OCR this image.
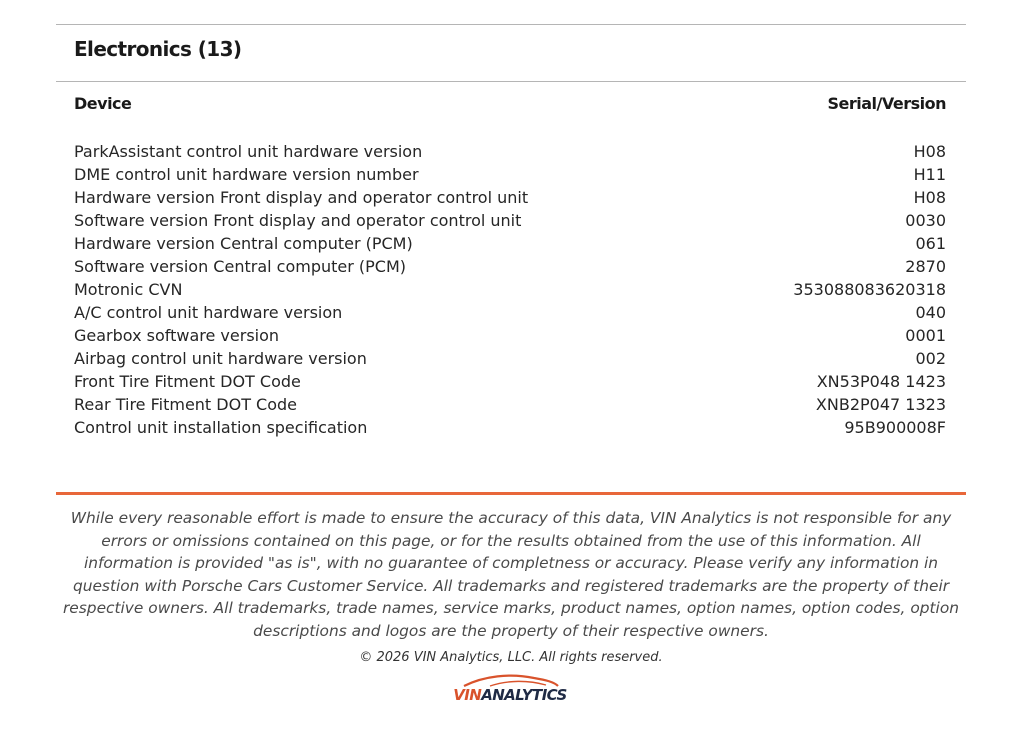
Electronics (13)
Device	Serial/Version
ParkAssistant control unit hardware version	H08
DME control unit hardware version number	H11
Hardware version Front display and operator control unit	H08
Software version Front display and operator control unit	0030
Hardware version Central computer (PCM)	061
Software version Central computer (PCM)	2870
Motronic CVN	353088083620318
A/C control unit hardware version	040
Gearbox software version	0001
Airbag control unit hardware version	002
Front Tire Fitment DOT Code	XN53P048 1423
Rear Tire Fitment DOT Code	XNB2P047 1323
Control unit installation specification	95B900008F
While every reasonable effort is made to ensure the accuracy of this data, VIN Analytics is not responsible for any
errors or omissions contained on this page, or for the results obtained from the use of this information. All
information is provided "as is", with no guarantee of completness or accuracy. Please verify any information in
question with Porsche Cars Customer Service. All trademarks and registered trademarks are the property of their
respective owners. All trademarks, trade names, service marks, product names, option names, option codes, option
descriptions and logos are the property of their respective owners.
© 2026 VIN Analytics, LLC. All rights reserved.
VINANALYTICS
